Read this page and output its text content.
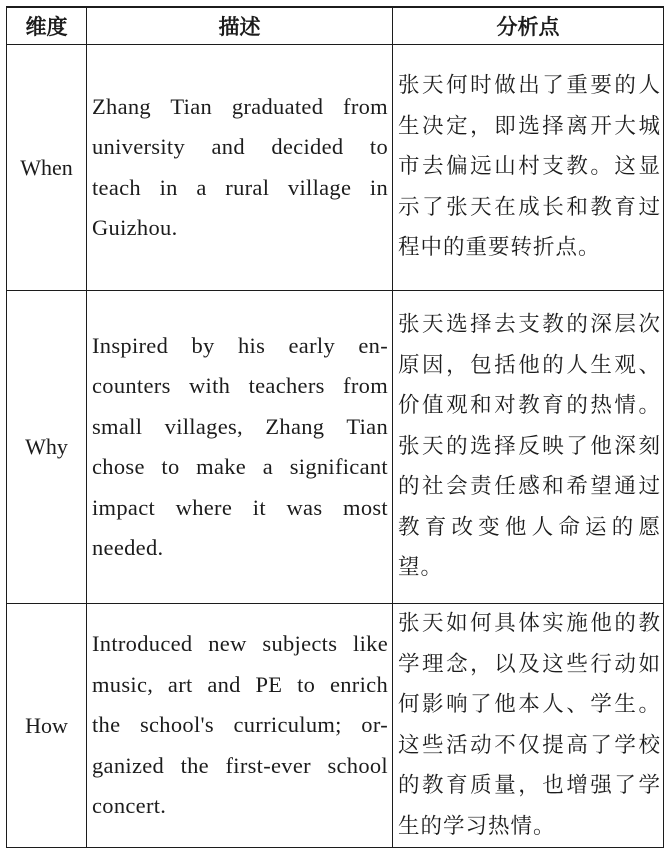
维度	描述	分析点
When	Zhang Tian graduated from university and decided to teach in a rural village in Guizhou.	张天何时做出了重要的人生决定，即选择离开大城市去偏远山村支教。这显示了张天在成长和教育过程中的重要转折点。
Why	Inspired by his early en-counters with teachers from small villages, Zhang Tian chose to make a significant impact where it was most needed.	张天选择去支教的深层次原因，包括他的人生观、价值观和对教育的热情。张天的选择反映了他深刻的社会责任感和希望通过教育改变他人命运的愿望。
How	Introduced new subjects like music, art and PE to enrich the school's curriculum; or-ganized the first-ever school concert.	张天如何具体实施他的教学理念，以及这些行动如何影响了他本人、学生。这些活动不仅提高了学校的教育质量，也增强了学生的学习热情。
